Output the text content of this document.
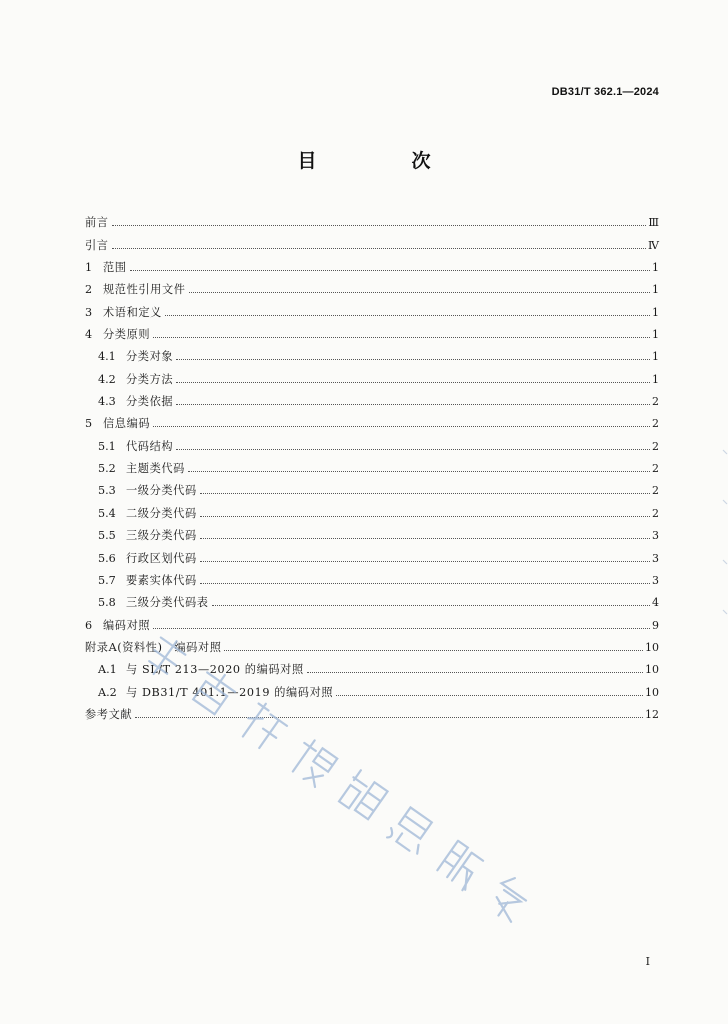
DB31/T 362.1—2024
目　次
前言	Ⅲ
引言	Ⅳ
1 范围	1
2 规范性引用文件	1
3 术语和定义	1
4 分类原则	1
4.1 分类对象	1
4.2 分类方法	1
4.3 分类依据	2
5 信息编码	2
5.1 代码结构	2
5.2 主题类代码	2
5.3 一级分类代码	2
5.4 二级分类代码	2
5.5 三级分类代码	3
5.6 行政区划代码	3
5.7 要素实体代码	3
5.8 三级分类代码表	4
6 编码对照	9
附录A(资料性)　编码对照	10
A.1 与 SL/T 213—2020 的编码对照	10
A.2 与 DB31/T 401.1—2019 的编码对照	10
参考文献	12
I
